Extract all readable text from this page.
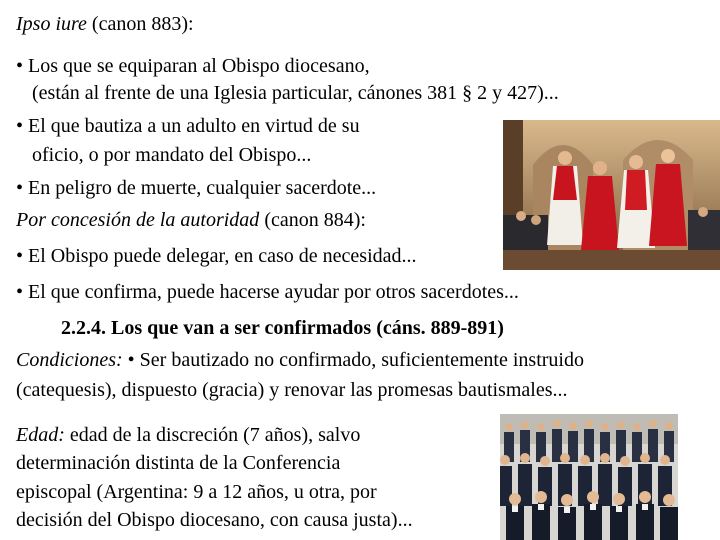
Ipso iure (canon 883):
• Los que se equiparan al Obispo diocesano,
(están al frente de una Iglesia particular, cánones 381 § 2 y 427)...
• El que bautiza a un adulto en virtud de su
oficio, o por mandato del Obispo...
• En peligro de muerte, cualquier sacerdote...
Por concesión de la autoridad (canon 884):
• El Obispo puede delegar, en caso de necesidad...
• El que confirma, puede hacerse ayudar por otros sacerdotes...
2.2.4. Los que van a ser confirmados (cáns. 889-891)
Condiciones: • Ser bautizado no confirmado, suficientemente instruido
(catequesis), dispuesto (gracia) y renovar las promesas bautismales...
Edad: edad de la discreción (7 años), salvo
determinación distinta de la Conferencia
episcopal (Argentina: 9 a 12 años, u otra, por
decisión del Obispo diocesano, con causa justa)...
